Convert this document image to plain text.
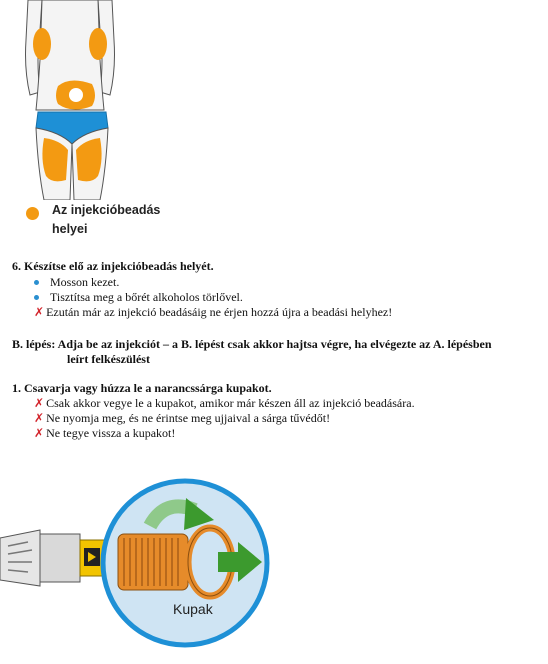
Az injekcióbeadás
helyei
6. Készítse elő az injekcióbeadás helyét.
Mosson kezet.
Tisztítsa meg a bőrét alkoholos törlővel.
✗ Ezután már az injekció beadásáig ne érjen hozzá újra a beadási helyhez!
B. lépés: Adja be az injekciót – a B. lépést csak akkor hajtsa végre, ha elvégezte az A. lépésben
leírt felkészülést
1. Csavarja vagy húzza le a narancssárga kupakot.
✗ Csak akkor vegye le a kupakot, amikor már készen áll az injekció beadására.
✗ Ne nyomja meg, és ne érintse meg ujjaival a sárga tűvédőt!
✗ Ne tegye vissza a kupakot!
Kupak
